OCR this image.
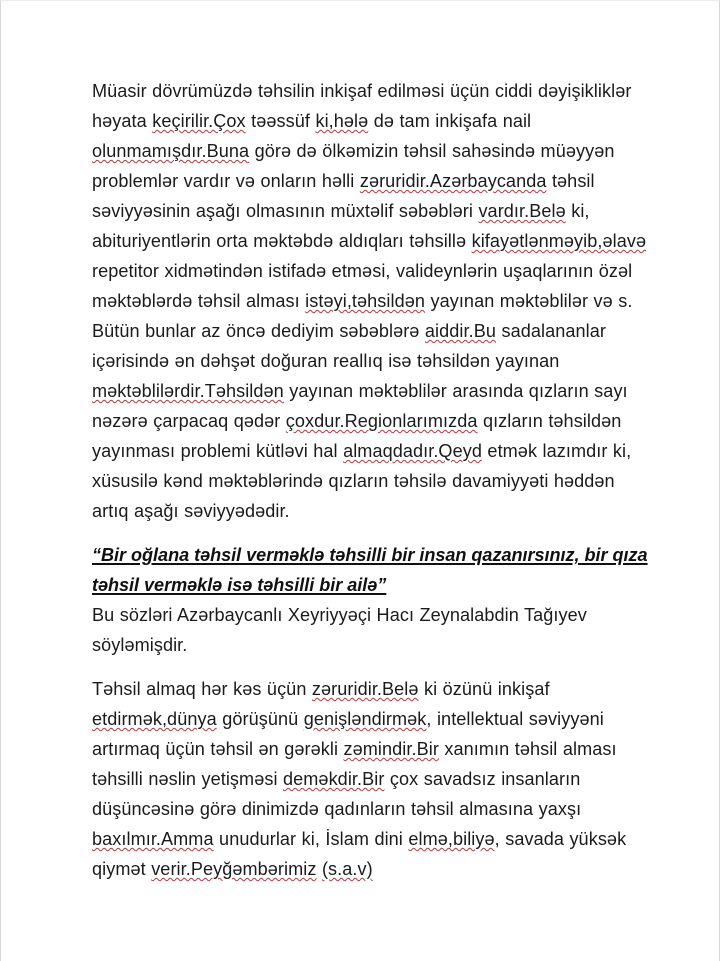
Müasir dövrümüzdə təhsilin inkişaf edilməsi üçün ciddi dəyişikliklər həyata keçirilir.Çox təəssüf ki,hələ də tam inkişafa nail olunmamışdır.Buna görə də ölkəmizin təhsil sahəsində müəyyən problemlər vardır və onların həlli zəruridir.Azərbaycanda təhsil səviyyəsinin aşağı olmasının müxtəlif səbəbləri vardır.Belə ki, abituriyentlərin orta məktəbdə aldıqları təhsillə kifayətlənməyib,əlavə repetitor xidmətindən istifadə etməsi, valideynlərin uşaqlarının özəl məktəblərdə təhsil alması istəyi,təhsildən yayınan məktəblilər və s. Bütün bunlar az öncə dediyim səbəblərə aiddir.Bu sadalananlar içərisində ən dəhşət doğuran reallıq isə təhsildən yayınan məktəblilərdir.Təhsildən yayınan məktəblilər arasında qızların sayı nəzərə çarpacaq qədər çoxdur.Regionlarımızda qızların təhsildən yayınması problemi kütləvi hal almaqdadır.Qeyd etmək lazımdır ki, xüsusilə kənd məktəblərində qızların təhsilə davamiyyəti həddən artıq aşağı səviyyədədir.

“Bir oğlana təhsil verməklə təhsilli bir insan qazanırsınız, bir qıza təhsil verməklə isə təhsilli bir ailə”

Bu sözləri Azərbaycanlı Xeyriyyəçi Hacı Zeynalabdin Tağıyev söyləmişdir.

Təhsil almaq hər kəs üçün zəruridir.Belə ki özünü inkişaf etdirmək,dünya görüşünü genişləndirmək, intellektual səviyyəni artırmaq üçün təhsil ən gərəkli zəmindir.Bir xanımın təhsil alması təhsilli nəslin yetişməsi deməkdir.Bir çox savadsız insanların düşüncəsinə görə dinimizdə qadınların təhsil almasına yaxşı baxılmır.Amma unudurlar ki, İslam dini elmə,biliyə, savada yüksək qiymət verir.Peyğəmbərimiz (s.a.v)
